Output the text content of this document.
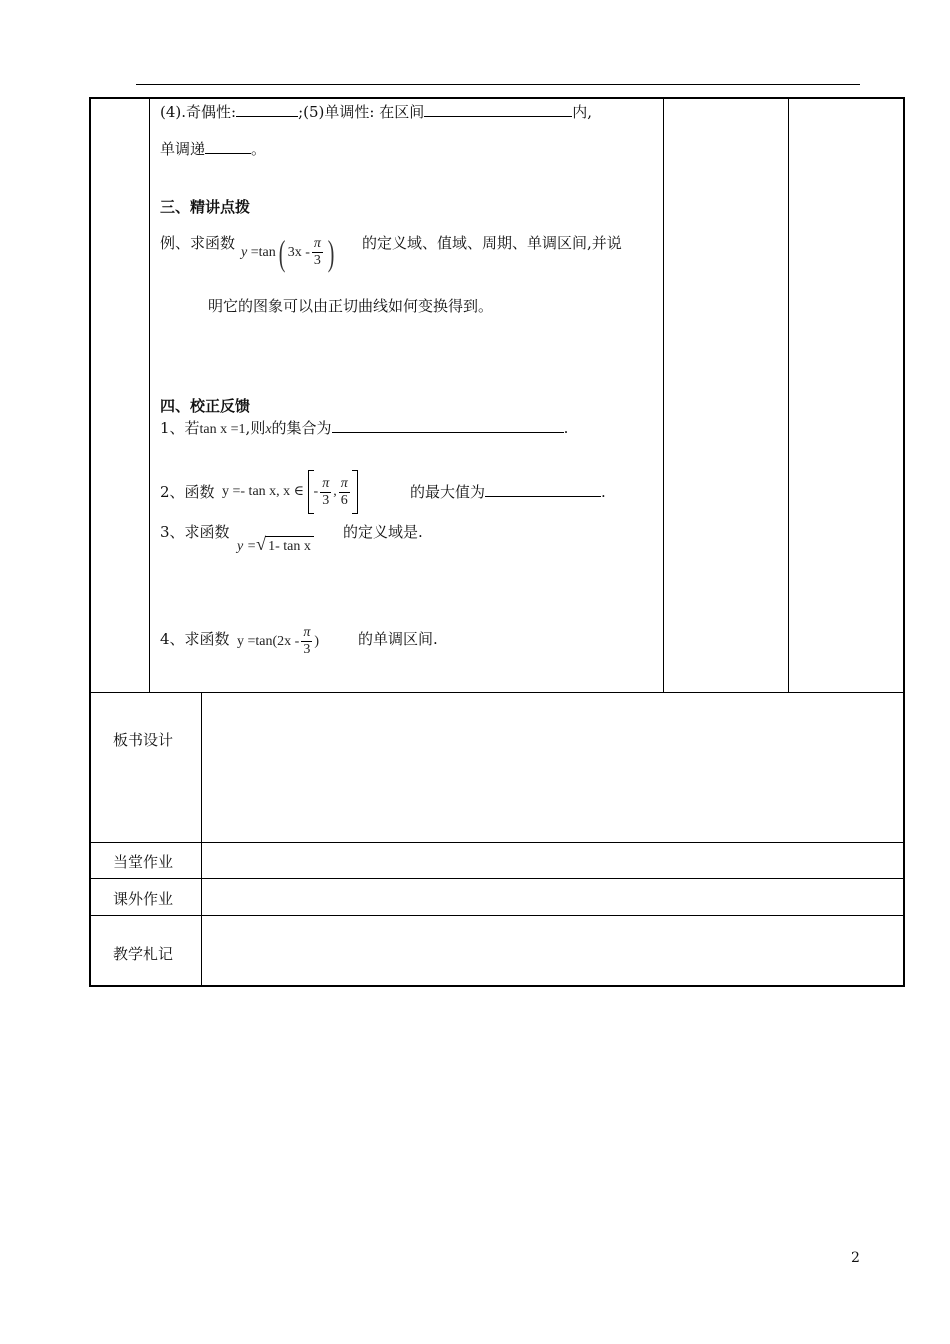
(4).奇偶性:	;(5)单调性: 在区间	内,
单调递	。
三、精讲点拨
例、求函数
y =tan( $3x - \frac{\pi}{3}$ ) 的定义域、值域、周期、单调区间,并说
明它的图象可以由正切曲线如何变换得到。
四、校正反馈
1、若tan x =1,则x的集合为	.
2、函数 y =- tan x, x ∈ - $\frac{\pi}{3}$ , $\frac{\pi}{6}$	的最大值为	.
3、求函数
y =√ 1- tan x
的定义域是.
4、求函数 $y =\tan(2x - \frac{\pi}{3}$ )	的单调区间.
板书设计
当堂作业
课外作业
教学札记
2
